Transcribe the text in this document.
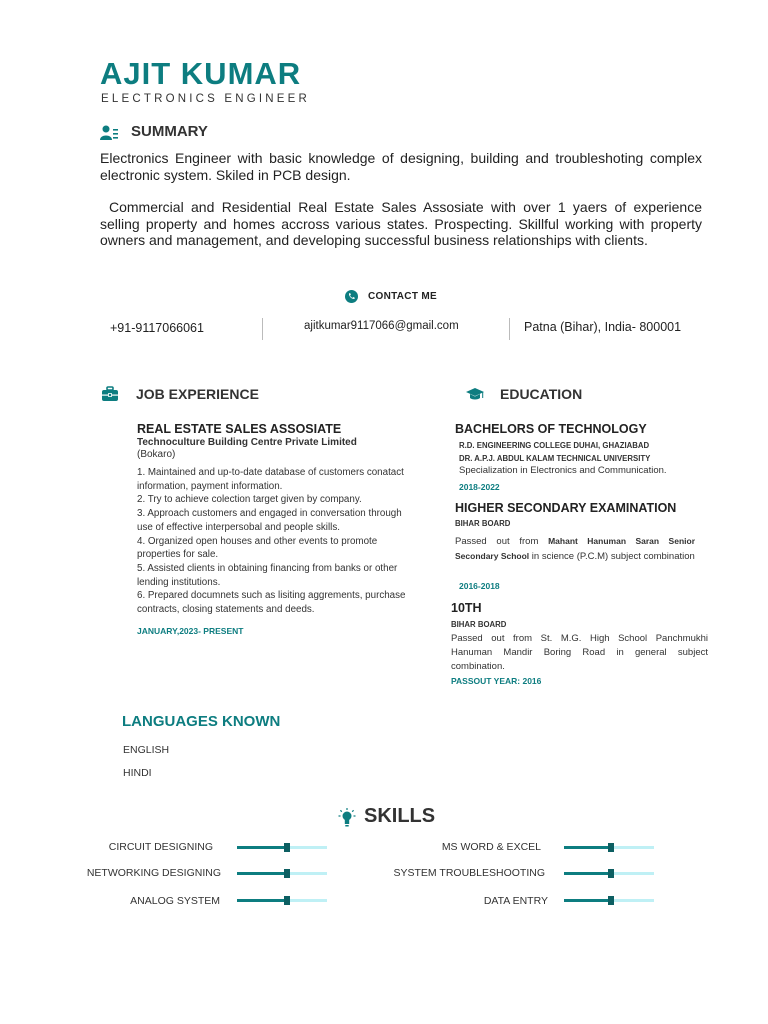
AJIT KUMAR
ELECTRONICS ENGINEER
SUMMARY
Electronics Engineer with basic knowledge of designing, building and troubleshoting complex electronic system. Skiled in PCB design.
Commercial and Residential Real Estate Sales Assosiate with over 1 yaers of experience selling property and homes accross various states. Prospecting. Skillful working with property owners and management, and developing successful business relationships with clients.
CONTACT ME
+91-9117066061	ajitkumar9117066@gmail.com	Patna (Bihar), India- 800001
JOB EXPERIENCE
REAL ESTATE SALES ASSOSIATE
Technoculture Building Centre Private Limited
(Bokaro)
1. Maintained and up-to-date database of customers conatact information, payment information.
2. Try to achieve colection target given by company.
3. Approach customers and engaged in conversation through use of effective interpersobal and people skills.
4. Organized open houses and other events to promote properties for sale.
5. Assisted clients in obtaining financing from banks or other lending institutions.
6. Prepared documnets such as lisiting aggrements, purchase contracts, closing statements and deeds.
JANUARY,2023- PRESENT
EDUCATION
BACHELORS OF TECHNOLOGY
R.D. ENGINEERING COLLEGE DUHAI, GHAZIABAD
DR. A.P.J. ABDUL KALAM TECHNICAL UNIVERSITY
Specialization in Electronics and Communication.
2018-2022
HIGHER SECONDARY EXAMINATION
BIHAR BOARD
Passed out from Mahant Hanuman Saran Senior Secondary School in science (P.C.M) subject combination
2016-2018
10TH
BIHAR BOARD
Passed out from St. M.G. High School Panchmukhi Hanuman Mandir Boring Road in general subject combination.
PASSOUT YEAR: 2016
LANGUAGES KNOWN
ENGLISH
HINDI
SKILLS
CIRCUIT DESIGNING
NETWORKING DESIGNING
ANALOG SYSTEM
MS WORD & EXCEL
SYSTEM TROUBLESHOOTING
DATA ENTRY
